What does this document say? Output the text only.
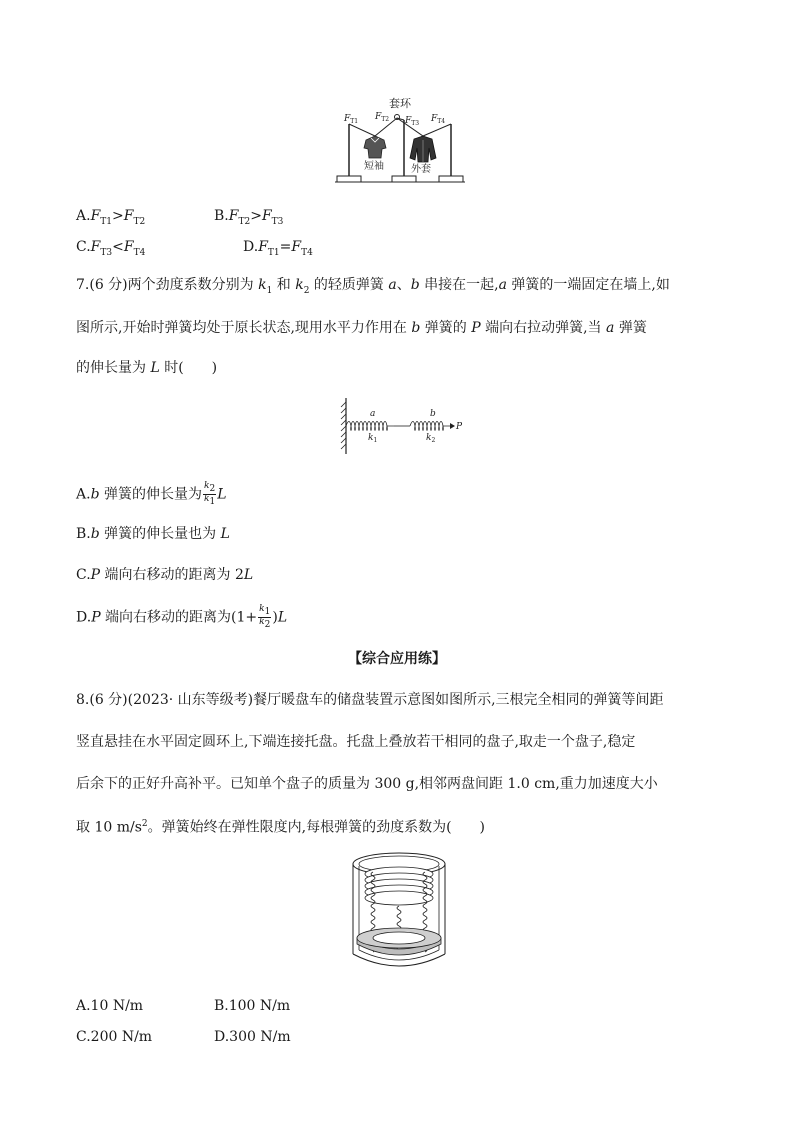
套环
$F_{T1}$ $F_{T2}$ $F_{T3}$ $F_{T4}$
短袖	外套
$A.F_{T1}>F_{T2}$	$B.F_{T2}>F_{T3}$
$C.F_{T3}<F_{T4}$	$D.F_{T1}=F_{T4}$
7.(6 分)两个劲度系数分别为 $k_1$ 和 $k_2$ 的轻质弹簧 a、b 串接在一起,a 弹簧的一端固定在墙上,如
图所示,开始时弹簧均处于原长状态,现用水平力作用在 b 弹簧的 P 端向右拉动弹簧,当 a 弹簧
的伸长量为 L 时(　　)
a	b
$k_1$	$k_2$
P
A.b 弹簧的伸长量为 $\frac{k_2}{k_1}$ L
B.b 弹簧的伸长量也为 L
C.P 端向右移动的距离为 2L
D.P 端向右移动的距离为$(1+ \frac{k_1}{k_2} )L$
【综合应用练】
8.(6 分)(2023· 山东等级考)餐厅暖盘车的储盘装置示意图如图所示,三根完全相同的弹簧等间距
竖直悬挂在水平固定圆环上,下端连接托盘。托盘上叠放若干相同的盘子,取走一个盘子,稳定
后余下的正好升高补平。已知单个盘子的质量为 300 g,相邻两盘间距 1.0 cm,重力加速度大小
取 10 $m/s^2$。弹簧始终在弹性限度内,每根弹簧的劲度系数为(　　)
A.10 N/m	B.100 N/m
C.200 N/m	D.300 N/m
